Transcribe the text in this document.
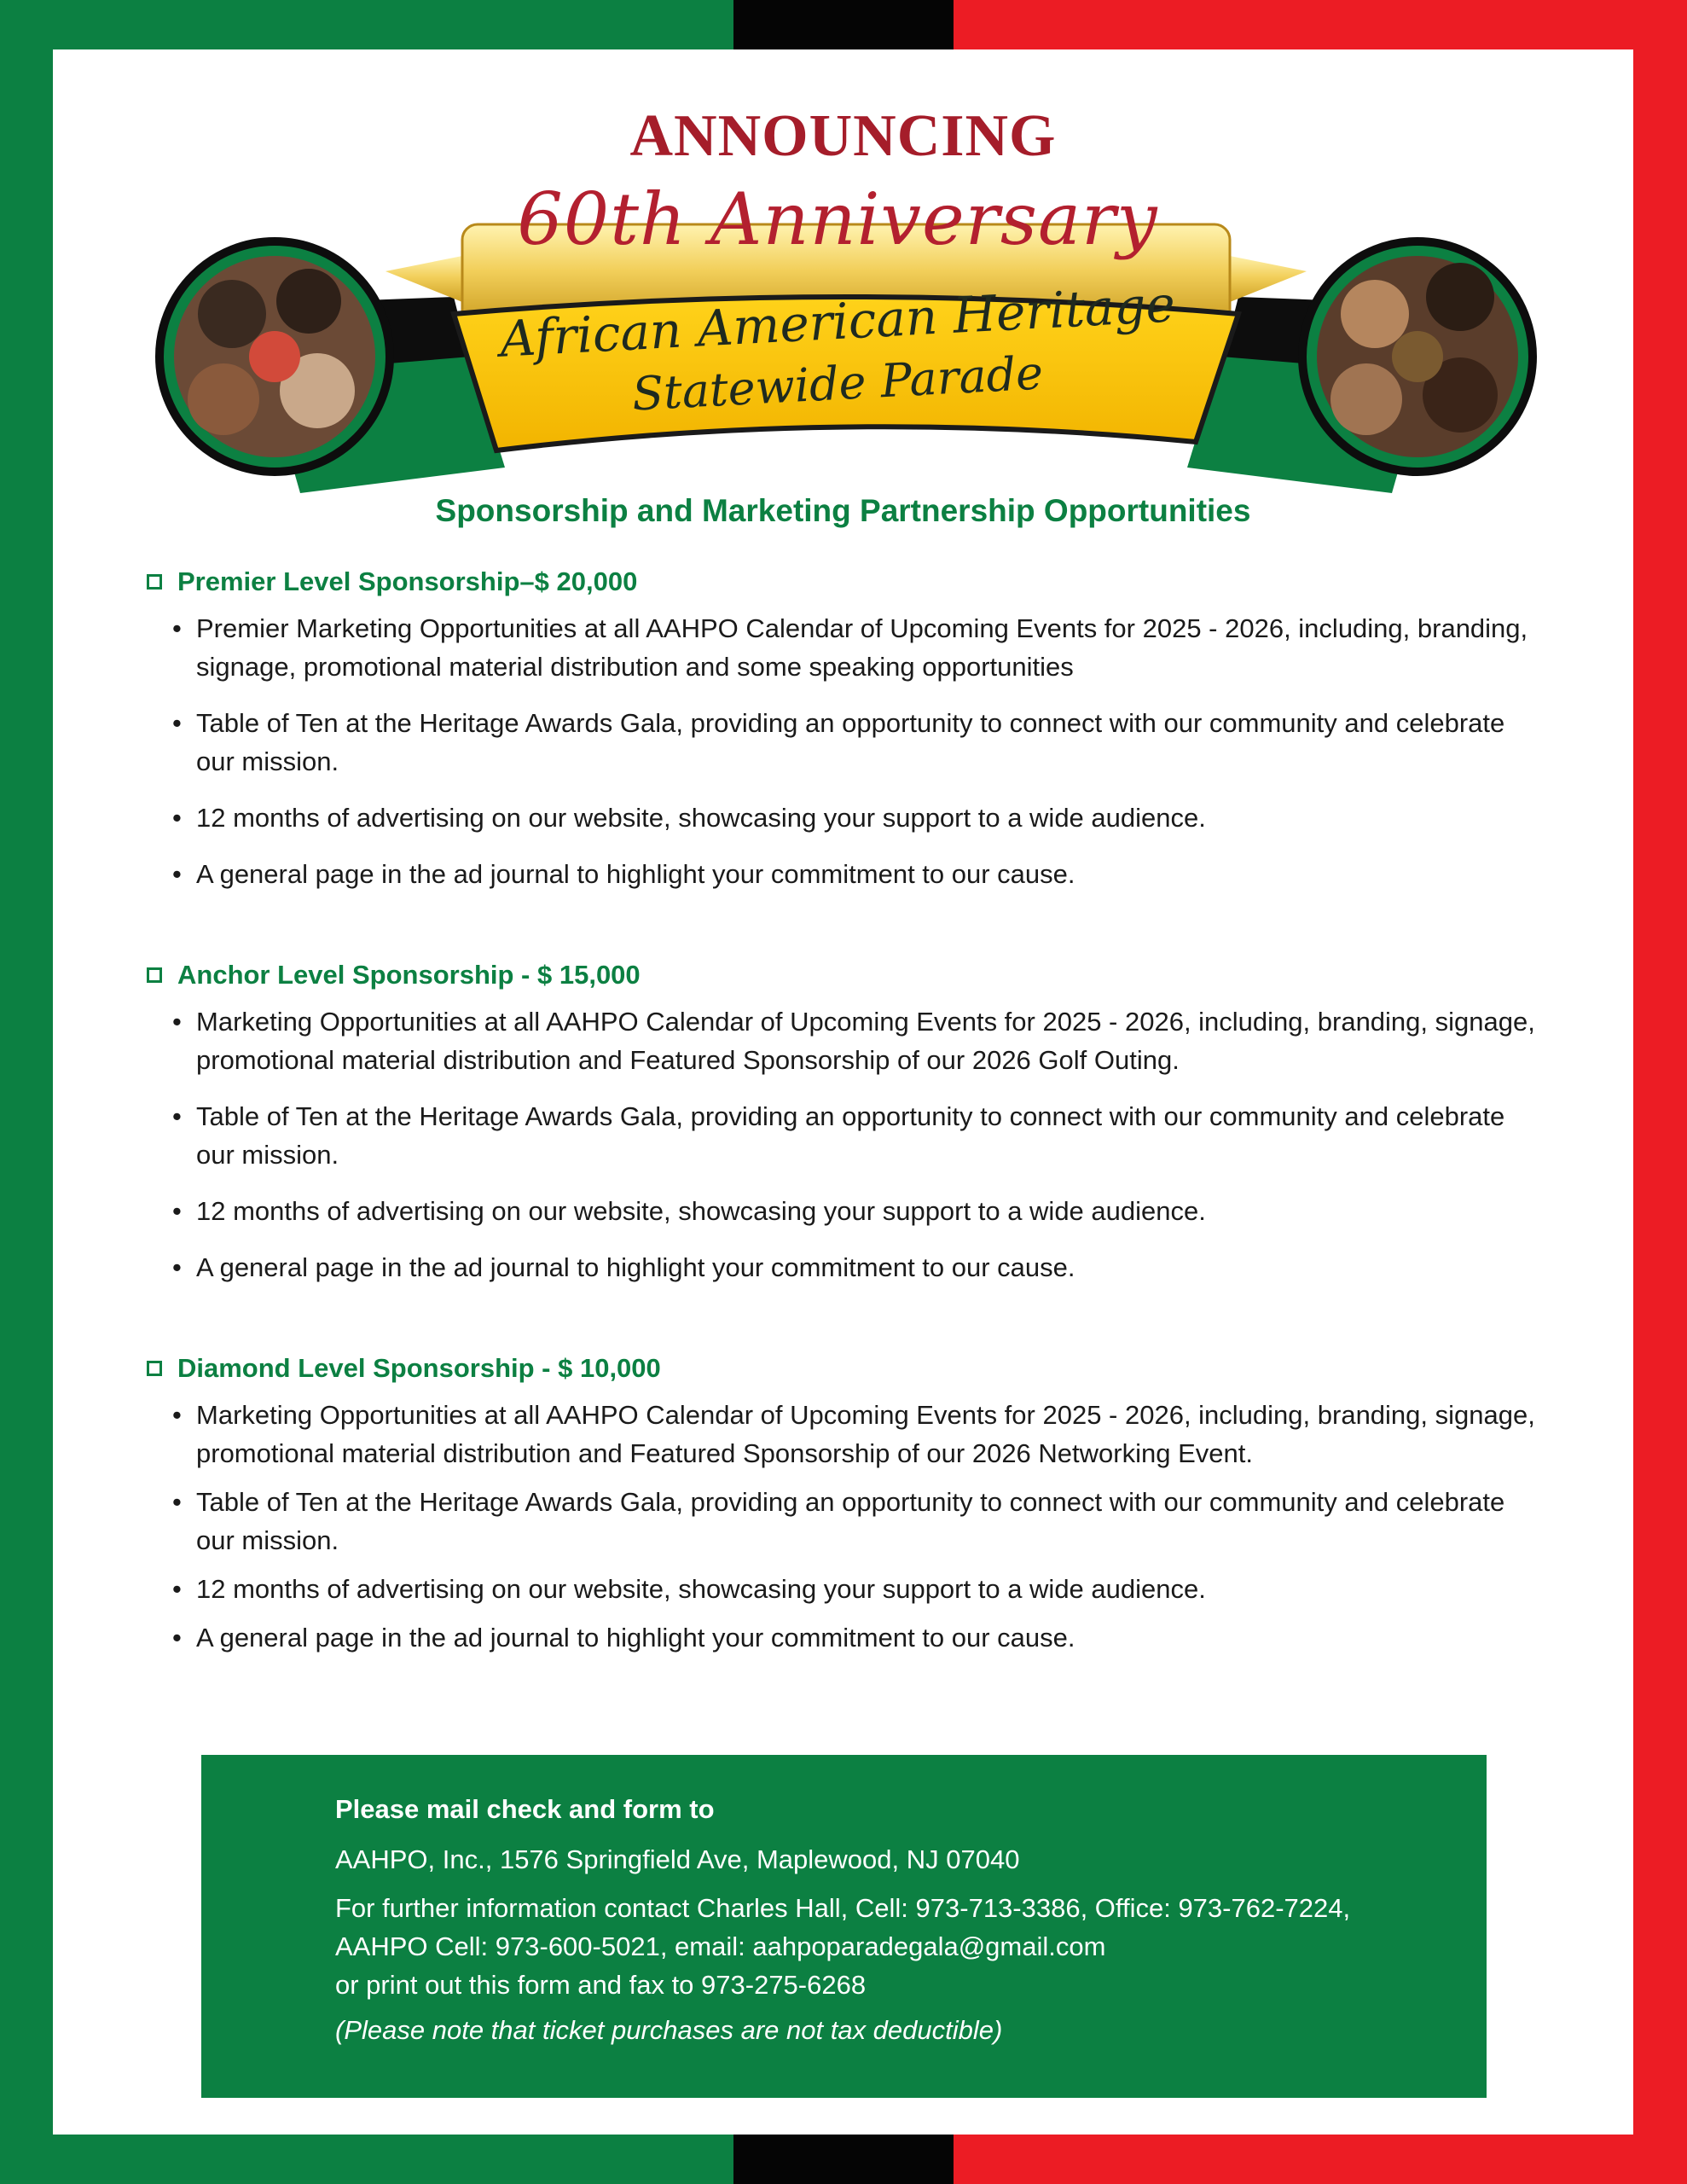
ANNOUNCING
60th Anniversary
African American Heritage
Statewide Parade
Sponsorship and Marketing Partnership Opportunities
Premier Level Sponsorship–$ 20,000
• Premier Marketing Opportunities at all AAHPO Calendar of Upcoming Events for 2025 - 2026, including, branding, signage, promotional material distribution and some speaking opportunities
• Table of Ten at the Heritage Awards Gala, providing an opportunity to connect with our community and celebrate our mission.
• 12 months of advertising on our website, showcasing your support to a wide audience.
• A general page in the ad journal to highlight your commitment to our cause.
Anchor Level Sponsorship - $ 15,000
• Marketing Opportunities at all AAHPO Calendar of Upcoming Events for 2025 - 2026, including, branding, signage, promotional material distribution and Featured Sponsorship of our 2026 Golf Outing.
• Table of Ten at the Heritage Awards Gala, providing an opportunity to connect with our community and celebrate our mission.
• 12 months of advertising on our website, showcasing your support to a wide audience.
• A general page in the ad journal to highlight your commitment to our cause.
Diamond Level Sponsorship - $ 10,000
• Marketing Opportunities at all AAHPO Calendar of Upcoming Events for 2025 - 2026, including, branding, signage, promotional material distribution and Featured Sponsorship of our 2026 Networking Event.
• Table of Ten at the Heritage Awards Gala, providing an opportunity to connect with our community and celebrate our mission.
• 12 months of advertising on our website, showcasing your support to a wide audience.
• A general page in the ad journal to highlight your commitment to our cause.
Please mail check and form to
AAHPO, Inc., 1576 Springfield Ave, Maplewood, NJ 07040
For further information contact Charles Hall, Cell: 973-713-3386, Office: 973-762-7224,
AAHPO Cell: 973-600-5021, email: aahpoparadegala@gmail.com
or print out this form and fax to 973-275-6268
(Please note that ticket purchases are not tax deductible)
